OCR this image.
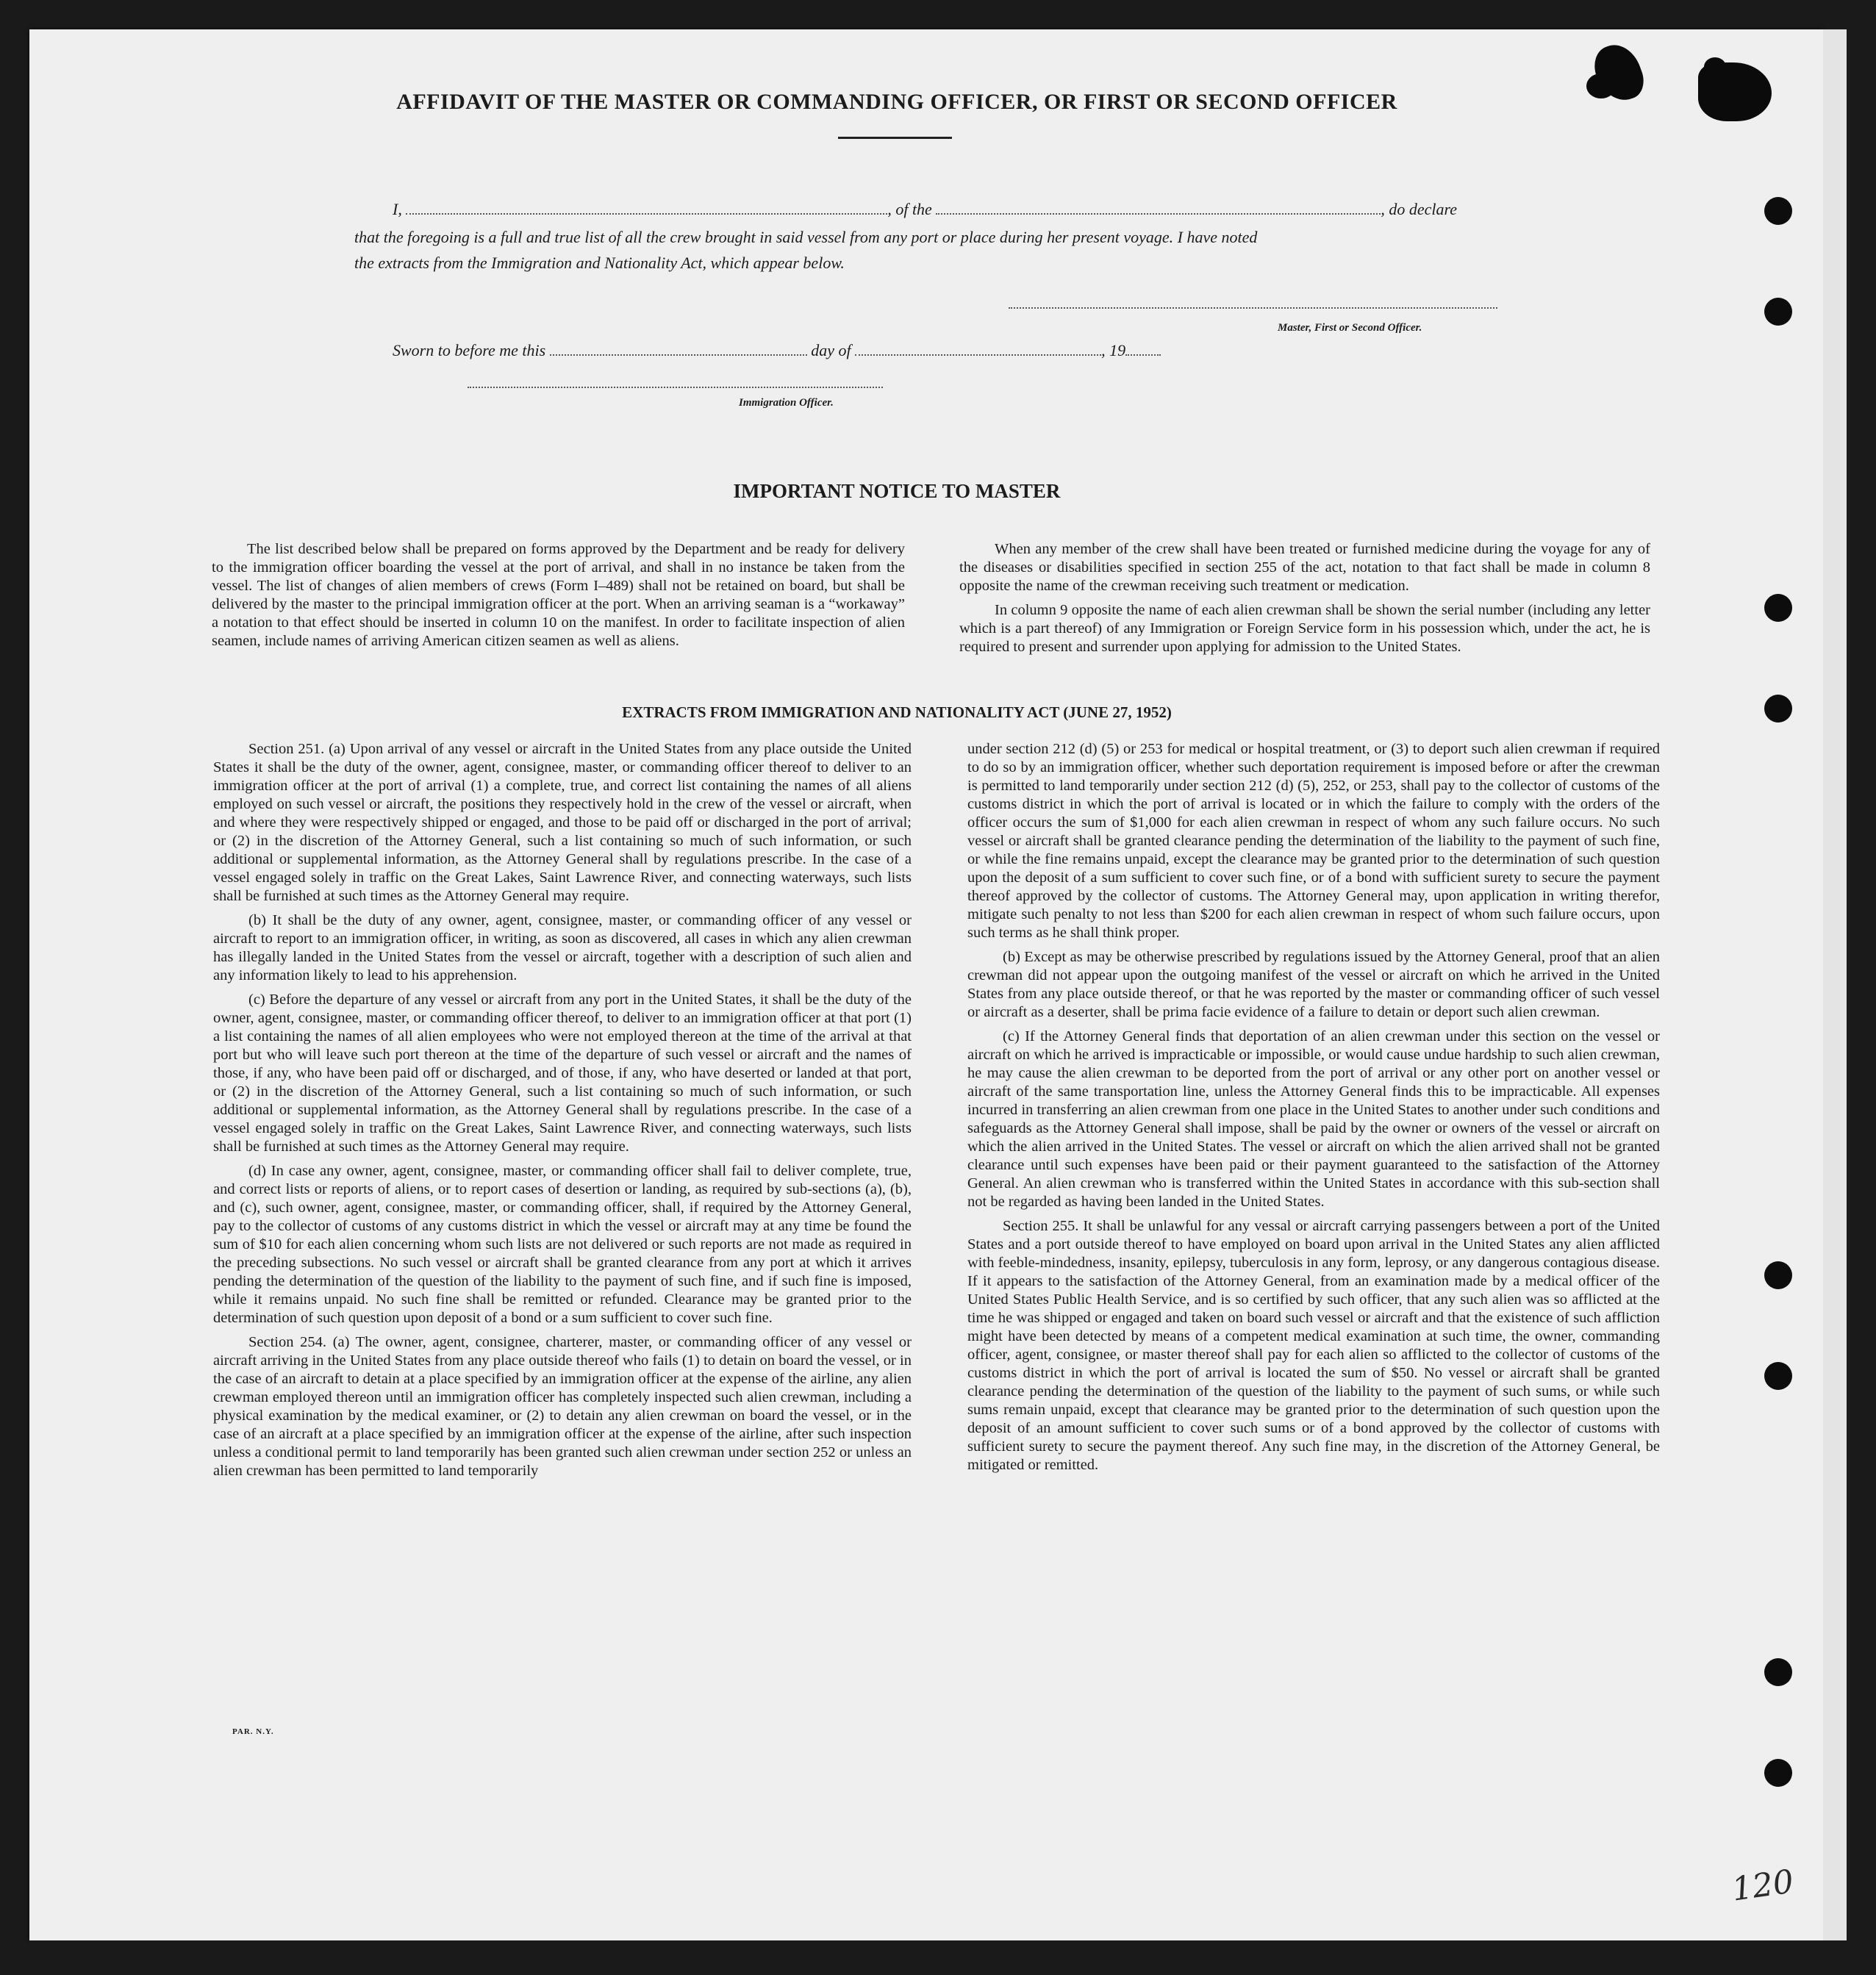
AFFIDAVIT OF THE MASTER OR COMMANDING OFFICER, OR FIRST OR SECOND OFFICER
I,	, of the	, do declare
that the foregoing is a full and true list of all the crew brought in said vessel from any port or place during her present voyage. I have noted
the extracts from the Immigration and Nationality Act, which appear below.
Master, First or Second Officer.
Sworn to before me this	day of	, 19
Immigration Officer.
IMPORTANT NOTICE TO MASTER

The list described below shall be prepared on forms approved by the Department and be ready for delivery to the immigration officer boarding the vessel at the port of arrival, and shall in no instance be taken from the vessel. The list of changes of alien members of crews (Form I–489) shall not be retained on board, but shall be delivered by the master to the principal immigration officer at the port. When an arriving seaman is a “workaway” a notation to that effect should be inserted in column 10 on the manifest. In order to facilitate inspection of alien seamen, include names of arriving American citizen seamen as well as aliens.

When any member of the crew shall have been treated or furnished medicine during the voyage for any of the diseases or disabilities specified in section 255 of the act, notation to that fact shall be made in column 8 opposite the name of the crewman receiving such treatment or medication.

In column 9 opposite the name of each alien crewman shall be shown the serial number (including any letter which is a part thereof) of any Immigration or Foreign Service form in his possession which, under the act, he is required to present and surrender upon applying for admission to the United States.

EXTRACTS FROM IMMIGRATION AND NATIONALITY ACT (JUNE 27, 1952)

Section 251. (a) Upon arrival of any vessel or aircraft in the United States from any place outside the United States it shall be the duty of the owner, agent, consignee, master, or commanding officer thereof to deliver to an immigration officer at the port of arrival (1) a complete, true, and correct list containing the names of all aliens employed on such vessel or aircraft, the positions they respectively hold in the crew of the vessel or aircraft, when and where they were respectively shipped or engaged, and those to be paid off or discharged in the port of arrival; or (2) in the discretion of the Attorney General, such a list containing so much of such information, or such additional or supplemental information, as the Attorney General shall by regulations prescribe. In the case of a vessel engaged solely in traffic on the Great Lakes, Saint Lawrence River, and connecting waterways, such lists shall be furnished at such times as the Attorney General may require.

(b) It shall be the duty of any owner, agent, consignee, master, or commanding officer of any vessel or aircraft to report to an immigration officer, in writing, as soon as discovered, all cases in which any alien crewman has illegally landed in the United States from the vessel or aircraft, together with a description of such alien and any information likely to lead to his apprehension.

(c) Before the departure of any vessel or aircraft from any port in the United States, it shall be the duty of the owner, agent, consignee, master, or commanding officer thereof, to deliver to an immigration officer at that port (1) a list containing the names of all alien employees who were not employed thereon at the time of the arrival at that port but who will leave such port thereon at the time of the departure of such vessel or aircraft and the names of those, if any, who have been paid off or discharged, and of those, if any, who have deserted or landed at that port, or (2) in the discretion of the Attorney General, such a list containing so much of such information, or such additional or supplemental information, as the Attorney General shall by regulations prescribe. In the case of a vessel engaged solely in traffic on the Great Lakes, Saint Lawrence River, and connecting waterways, such lists shall be furnished at such times as the Attorney General may require.

(d) In case any owner, agent, consignee, master, or commanding officer shall fail to deliver complete, true, and correct lists or reports of aliens, or to report cases of desertion or landing, as required by sub-sections (a), (b), and (c), such owner, agent, consignee, master, or commanding officer, shall, if required by the Attorney General, pay to the collector of customs of any customs district in which the vessel or aircraft may at any time be found the sum of $10 for each alien concerning whom such lists are not delivered or such reports are not made as required in the preceding subsections. No such vessel or aircraft shall be granted clearance from any port at which it arrives pending the determination of the question of the liability to the payment of such fine, and if such fine is imposed, while it remains unpaid. No such fine shall be remitted or refunded. Clearance may be granted prior to the determination of such question upon deposit of a bond or a sum sufficient to cover such fine.

Section 254. (a) The owner, agent, consignee, charterer, master, or commanding officer of any vessel or aircraft arriving in the United States from any place outside thereof who fails (1) to detain on board the vessel, or in the case of an aircraft to detain at a place specified by an immigration officer at the expense of the airline, any alien crewman employed thereon until an immigration officer has completely inspected such alien crewman, including a physical examination by the medical examiner, or (2) to detain any alien crewman on board the vessel, or in the case of an aircraft at a place specified by an immigration officer at the expense of the airline, after such inspection unless a conditional permit to land temporarily has been granted such alien crewman under section 252 or unless an alien crewman has been permitted to land temporarily

under section 212 (d) (5) or 253 for medical or hospital treatment, or (3) to deport such alien crewman if required to do so by an immigration officer, whether such deportation requirement is imposed before or after the crewman is permitted to land temporarily under section 212 (d) (5), 252, or 253, shall pay to the collector of customs of the customs district in which the port of arrival is located or in which the failure to comply with the orders of the officer occurs the sum of $1,000 for each alien crewman in respect of whom any such failure occurs. No such vessel or aircraft shall be granted clearance pending the determination of the liability to the payment of such fine, or while the fine remains unpaid, except the clearance may be granted prior to the determination of such question upon the deposit of a sum sufficient to cover such fine, or of a bond with sufficient surety to secure the payment thereof approved by the collector of customs. The Attorney General may, upon application in writing therefor, mitigate such penalty to not less than $200 for each alien crewman in respect of whom such failure occurs, upon such terms as he shall think proper.

(b) Except as may be otherwise prescribed by regulations issued by the Attorney General, proof that an alien crewman did not appear upon the outgoing manifest of the vessel or aircraft on which he arrived in the United States from any place outside thereof, or that he was reported by the master or commanding officer of such vessel or aircraft as a deserter, shall be prima facie evidence of a failure to detain or deport such alien crewman.

(c) If the Attorney General finds that deportation of an alien crewman under this section on the vessel or aircraft on which he arrived is impracticable or impossible, or would cause undue hardship to such alien crewman, he may cause the alien crewman to be deported from the port of arrival or any other port on another vessel or aircraft of the same transportation line, unless the Attorney General finds this to be impracticable. All expenses incurred in transferring an alien crewman from one place in the United States to another under such conditions and safeguards as the Attorney General shall impose, shall be paid by the owner or owners of the vessel or aircraft on which the alien arrived in the United States. The vessel or aircraft on which the alien arrived shall not be granted clearance until such expenses have been paid or their payment guaranteed to the satisfaction of the Attorney General. An alien crewman who is transferred within the United States in accordance with this sub-section shall not be regarded as having been landed in the United States.

Section 255. It shall be unlawful for any vessal or aircraft carrying passengers between a port of the United States and a port outside thereof to have employed on board upon arrival in the United States any alien afflicted with feeble-mindedness, insanity, epilepsy, tuberculosis in any form, leprosy, or any dangerous contagious disease. If it appears to the satisfaction of the Attorney General, from an examination made by a medical officer of the United States Public Health Service, and is so certified by such officer, that any such alien was so afflicted at the time he was shipped or engaged and taken on board such vessel or aircraft and that the existence of such affliction might have been detected by means of a competent medical examination at such time, the owner, commanding officer, agent, consignee, or master thereof shall pay for each alien so afflicted to the collector of customs of the customs district in which the port of arrival is located the sum of $50. No vessel or aircraft shall be granted clearance pending the determination of the question of the liability to the payment of such sums, or while such sums remain unpaid, except that clearance may be granted prior to the determination of such question upon the deposit of an amount sufficient to cover such sums or of a bond approved by the collector of customs with sufficient surety to secure the payment thereof. Any such fine may, in the discretion of the Attorney General, be mitigated or remitted.

PAR. N.Y.
120
